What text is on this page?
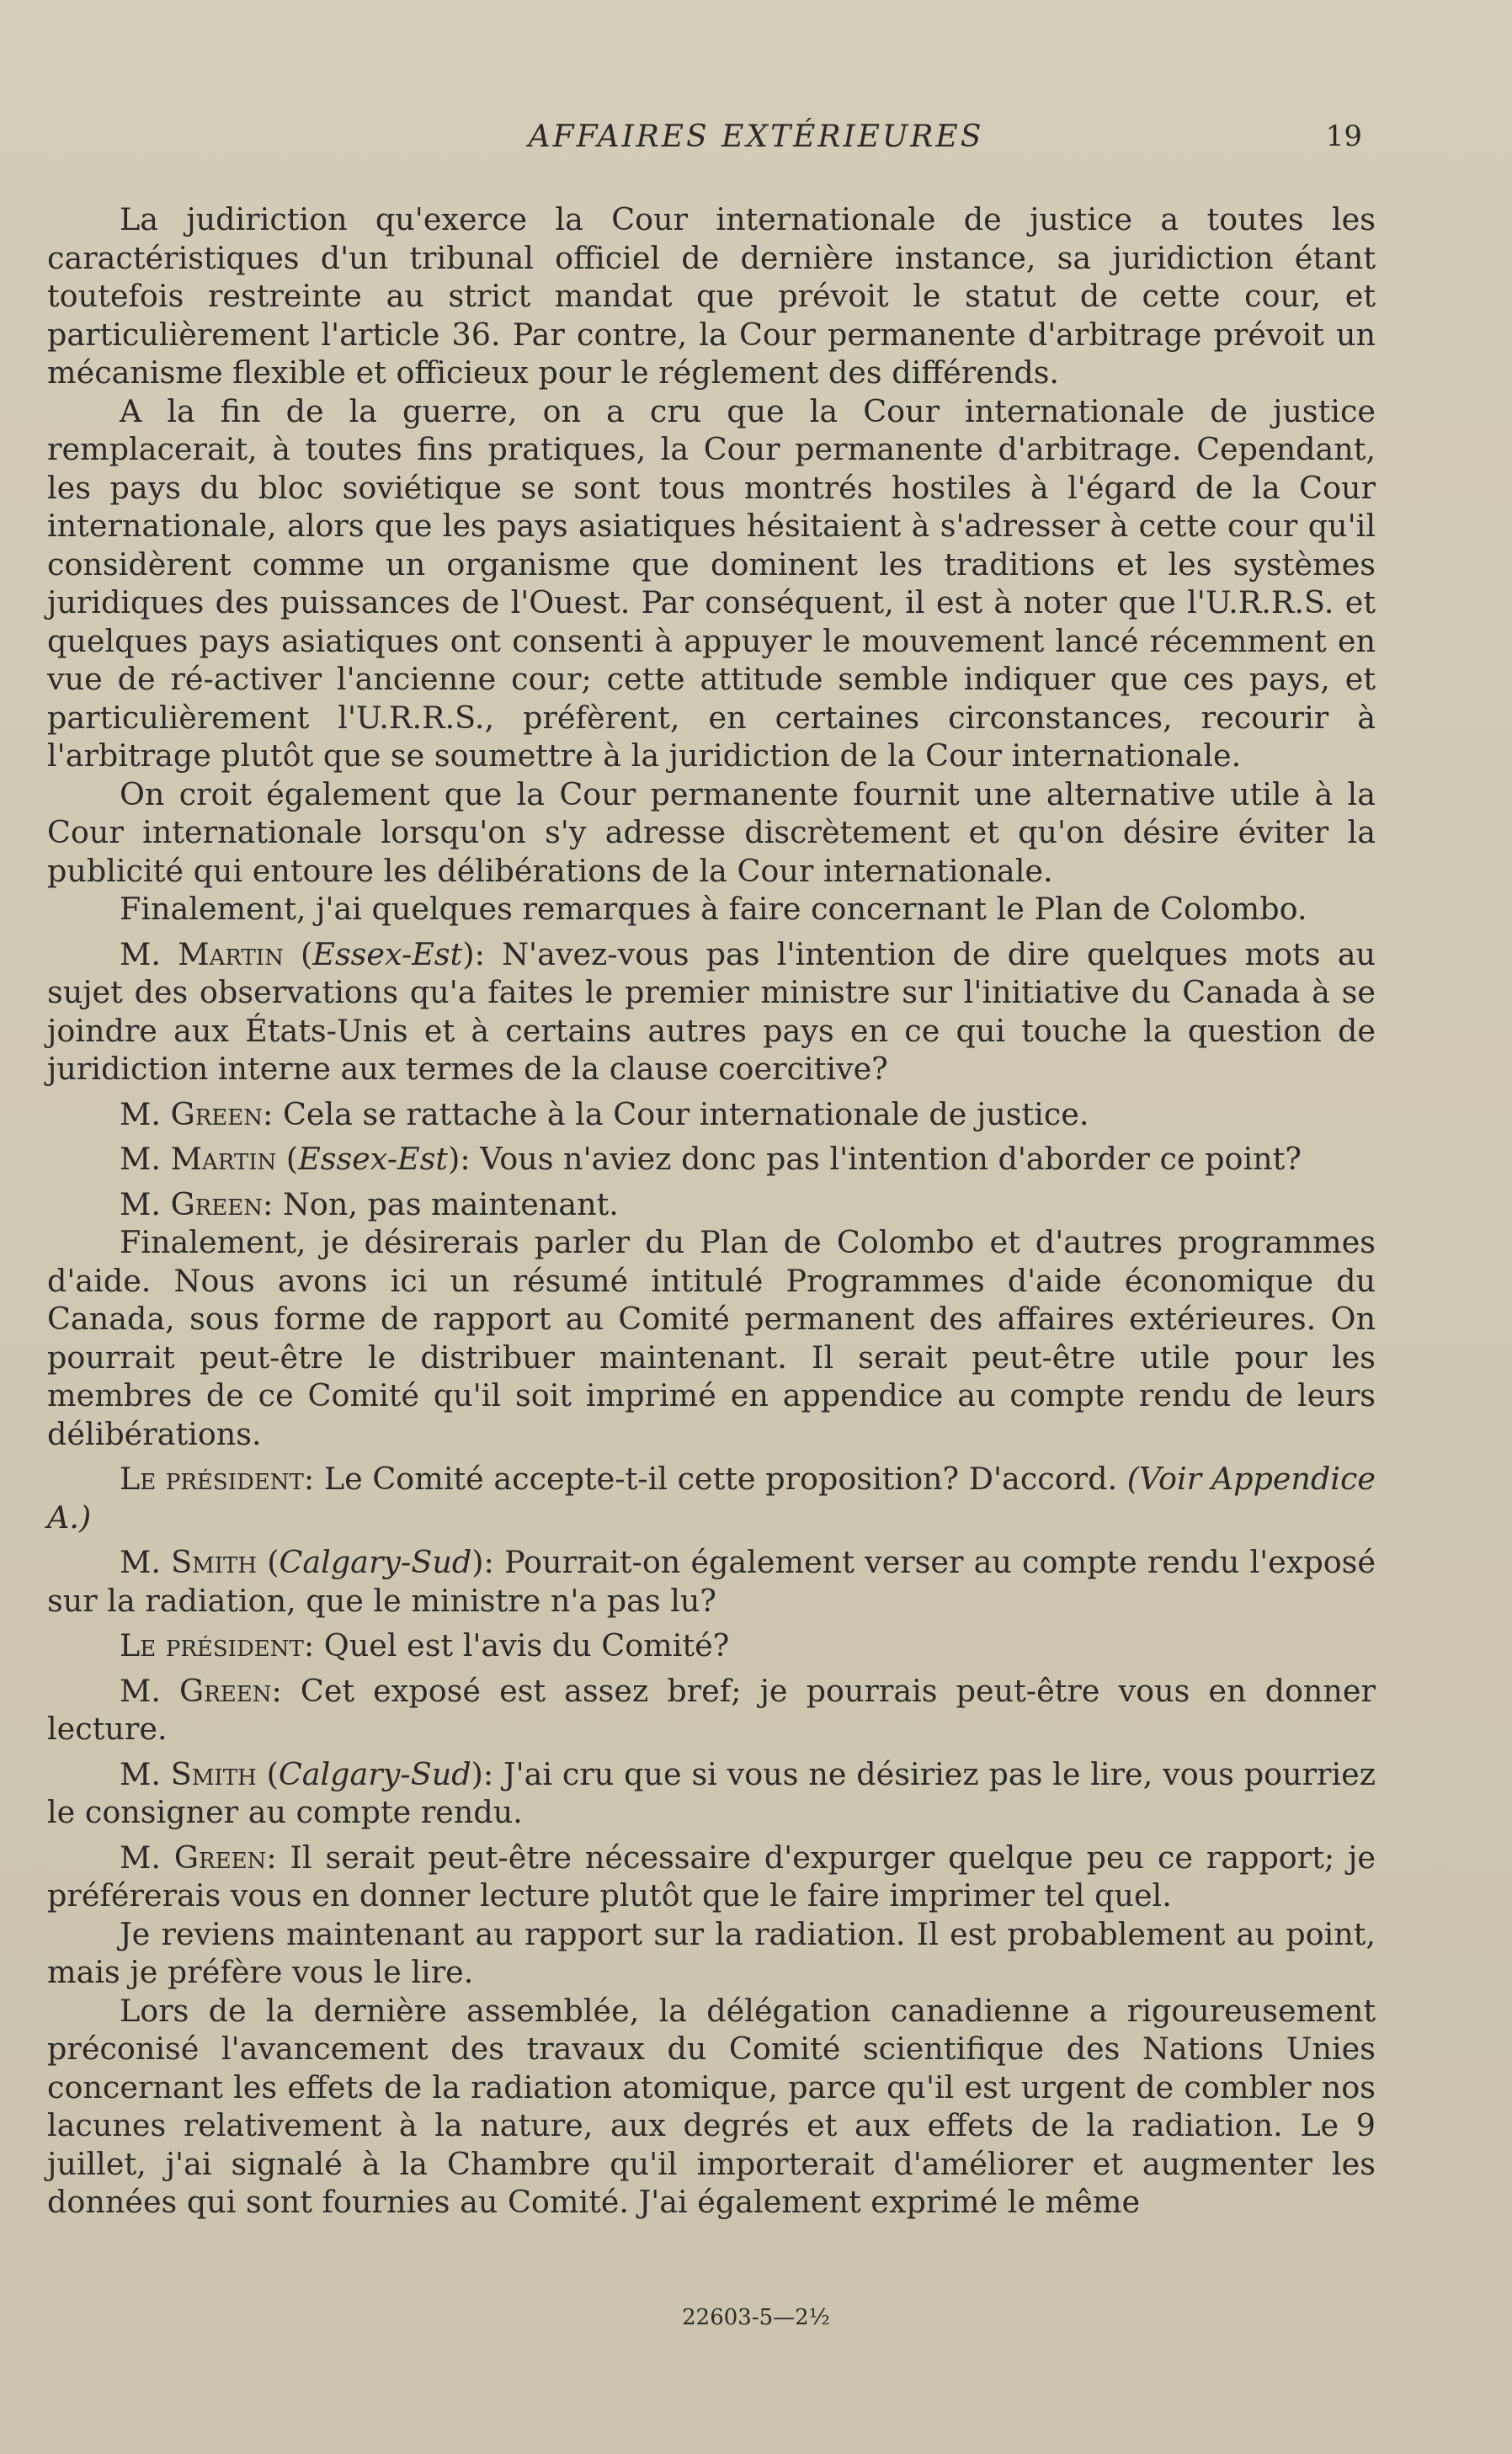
AFFAIRES EXTÉRIEURES	19

La judiriction qu'exerce la Cour internationale de justice a toutes les caractéristiques d'un tribunal officiel de dernière instance, sa juridiction étant toutefois restreinte au strict mandat que prévoit le statut de cette cour, et particulièrement l'article 36. Par contre, la Cour permanente d'arbitrage prévoit un mécanisme flexible et officieux pour le réglement des différends.

A la fin de la guerre, on a cru que la Cour internationale de justice remplacerait, à toutes fins pratiques, la Cour permanente d'arbitrage. Cependant, les pays du bloc soviétique se sont tous montrés hostiles à l'égard de la Cour internationale, alors que les pays asiatiques hésitaient à s'adresser à cette cour qu'il considèrent comme un organisme que dominent les traditions et les systèmes juridiques des puissances de l'Ouest. Par conséquent, il est à noter que l'U.R.R.S. et quelques pays asiatiques ont consenti à appuyer le mouvement lancé récemment en vue de ré-activer l'ancienne cour; cette attitude semble indiquer que ces pays, et particulièrement l'U.R.R.S., préfèrent, en certaines circonstances, recourir à l'arbitrage plutôt que se soumettre à la juridiction de la Cour internationale.

On croit également que la Cour permanente fournit une alternative utile à la Cour internationale lorsqu'on s'y adresse discrètement et qu'on désire éviter la publicité qui entoure les délibérations de la Cour internationale.

Finalement, j'ai quelques remarques à faire concernant le Plan de Colombo.

M. Martin (Essex-Est): N'avez-vous pas l'intention de dire quelques mots au sujet des observations qu'a faites le premier ministre sur l'initiative du Canada à se joindre aux États-Unis et à certains autres pays en ce qui touche la question de juridiction interne aux termes de la clause coercitive?

M. Green: Cela se rattache à la Cour internationale de justice.

M. Martin (Essex-Est): Vous n'aviez donc pas l'intention d'aborder ce point?

M. Green: Non, pas maintenant.

Finalement, je désirerais parler du Plan de Colombo et d'autres programmes d'aide. Nous avons ici un résumé intitulé Programmes d'aide économique du Canada, sous forme de rapport au Comité permanent des affaires extérieures. On pourrait peut-être le distribuer maintenant. Il serait peut-être utile pour les membres de ce Comité qu'il soit imprimé en appendice au compte rendu de leurs délibérations.

Le président: Le Comité accepte-t-il cette proposition? D'accord. (Voir Appendice A.)

M. Smith (Calgary-Sud): Pourrait-on également verser au compte rendu l'exposé sur la radiation, que le ministre n'a pas lu?

Le président: Quel est l'avis du Comité?

M. Green: Cet exposé est assez bref; je pourrais peut-être vous en donner lecture.

M. Smith (Calgary-Sud): J'ai cru que si vous ne désiriez pas le lire, vous pourriez le consigner au compte rendu.

M. Green: Il serait peut-être nécessaire d'expurger quelque peu ce rapport; je préférerais vous en donner lecture plutôt que le faire imprimer tel quel.

Je reviens maintenant au rapport sur la radiation. Il est probablement au point, mais je préfère vous le lire.

Lors de la dernière assemblée, la délégation canadienne a rigoureusement préconisé l'avancement des travaux du Comité scientifique des Nations Unies concernant les effets de la radiation atomique, parce qu'il est urgent de combler nos lacunes relativement à la nature, aux degrés et aux effets de la radiation. Le 9 juillet, j'ai signalé à la Chambre qu'il importerait d'améliorer et augmenter les données qui sont fournies au Comité. J'ai également exprimé le même

22603-5—2½
